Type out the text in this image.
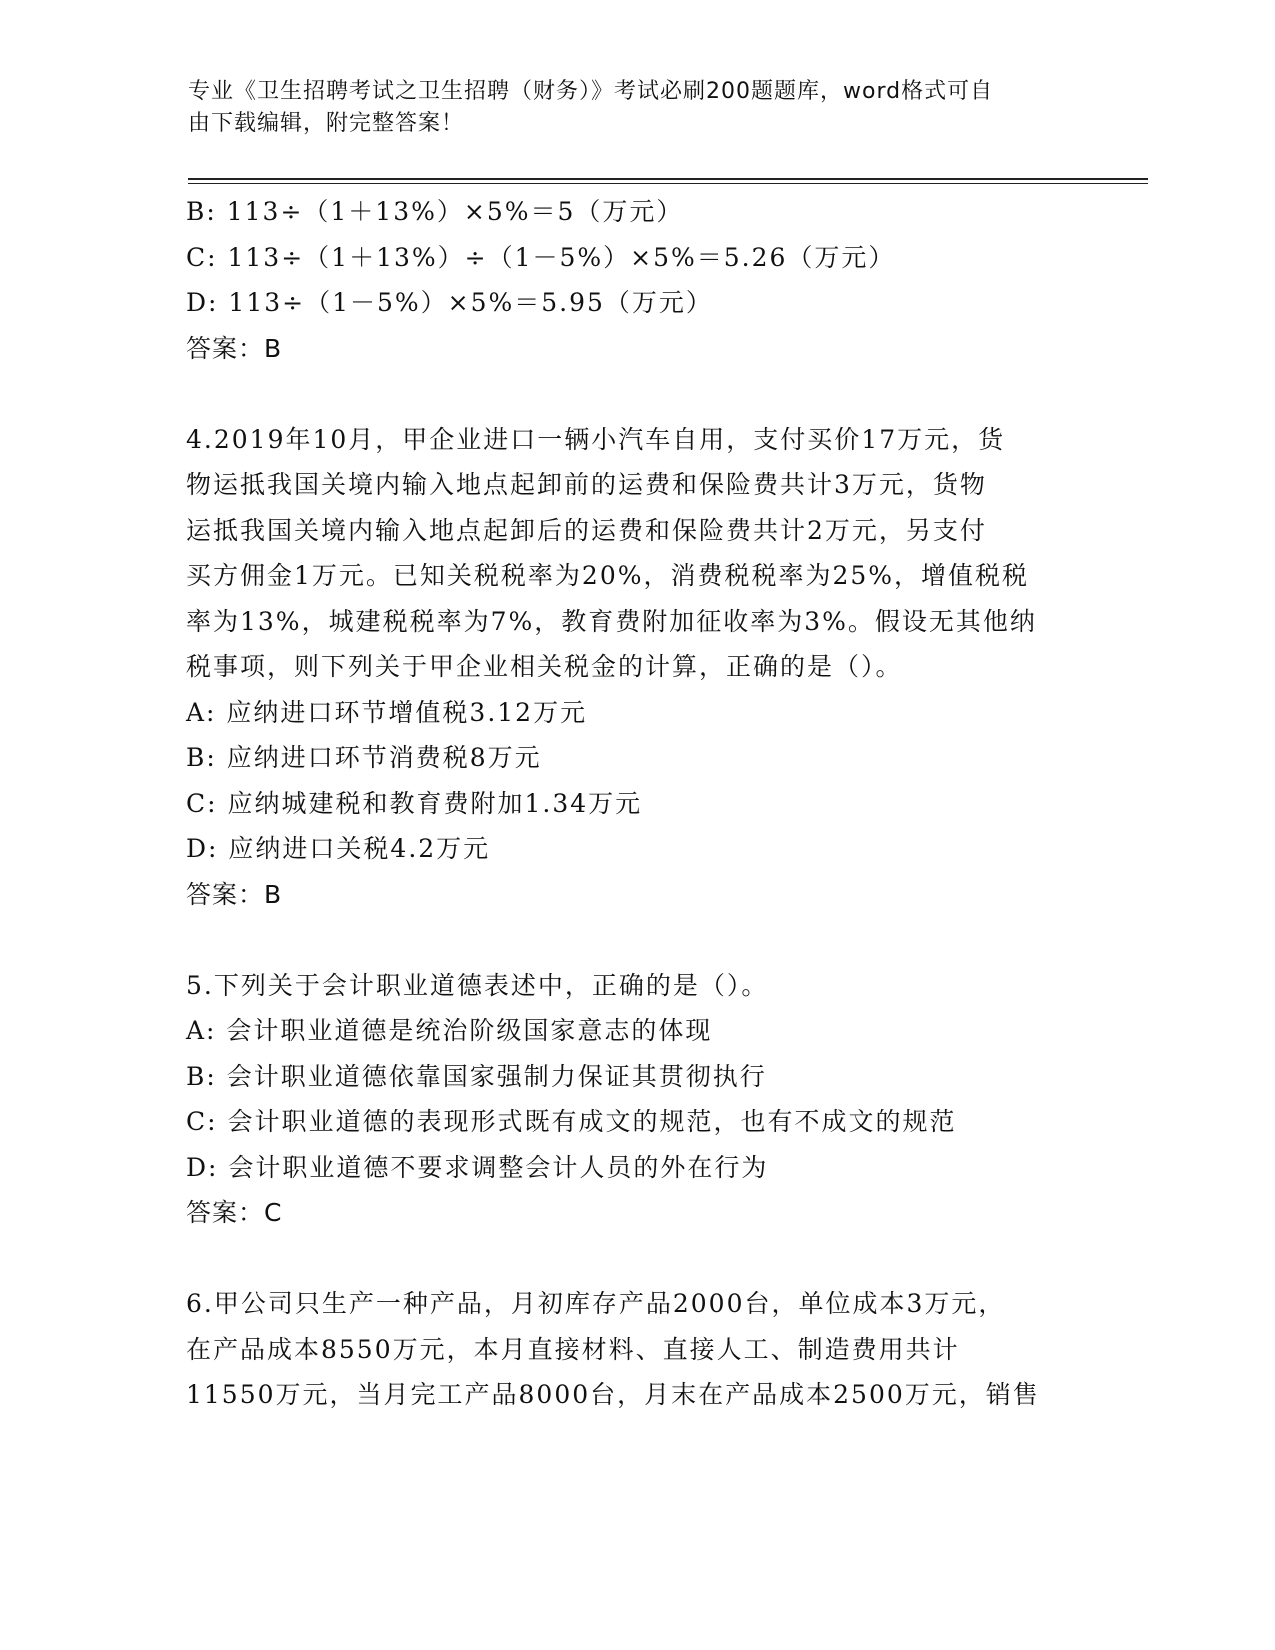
专业《卫生招聘考试之卫生招聘（财务）》考试必刷200题题库，word格式可自
由下载编辑，附完整答案！
B: 113÷（1＋13%）×5%＝5（万元）
C: 113÷（1＋13%）÷（1－5%）×5%＝5.26（万元）
D: 113÷（1－5%）×5%＝5.95（万元）
答案：B
4.2019年10月，甲企业进口一辆小汽车自用，支付买价17万元，货
物运抵我国关境内输入地点起卸前的运费和保险费共计3万元，货物
运抵我国关境内输入地点起卸后的运费和保险费共计2万元，另支付
买方佣金1万元。已知关税税率为20%，消费税税率为25%，增值税税
率为13%，城建税税率为7%，教育费附加征收率为3%。假设无其他纳
税事项，则下列关于甲企业相关税金的计算，正确的是（）。
A: 应纳进口环节增值税3.12万元
B: 应纳进口环节消费税8万元
C: 应纳城建税和教育费附加1.34万元
D: 应纳进口关税4.2万元
答案：B
5.下列关于会计职业道德表述中，正确的是（）。
A: 会计职业道德是统治阶级国家意志的体现
B: 会计职业道德依靠国家强制力保证其贯彻执行
C: 会计职业道德的表现形式既有成文的规范，也有不成文的规范
D: 会计职业道德不要求调整会计人员的外在行为
答案：C
6.甲公司只生产一种产品，月初库存产品2000台，单位成本3万元，
在产品成本8550万元，本月直接材料、直接人工、制造费用共计
11550万元，当月完工产品8000台，月末在产品成本2500万元，销售
